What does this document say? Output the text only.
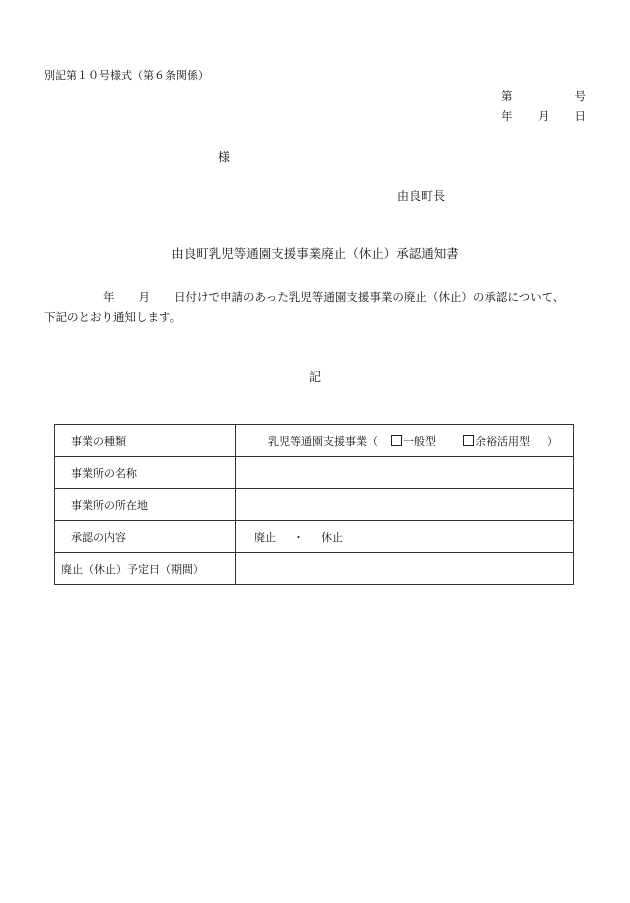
別記第１０号様式（第６条関係）
第	号
年 月 日
様
由良町長
由良町乳児等通園支援事業廃止（休止）承認通知書
年 月 日付けで申請のあった乳児等通園支援事業の廃止（休止）の承認について、
下記のとおり通知します。
記
事業の種類	乳児等通園支援事業（ 一般型 余裕活用型 ）
事業所の名称	
事業所の所在地	
承認の内容	廃止 ・ 休止
廃止（休止）予定日（期間）	
